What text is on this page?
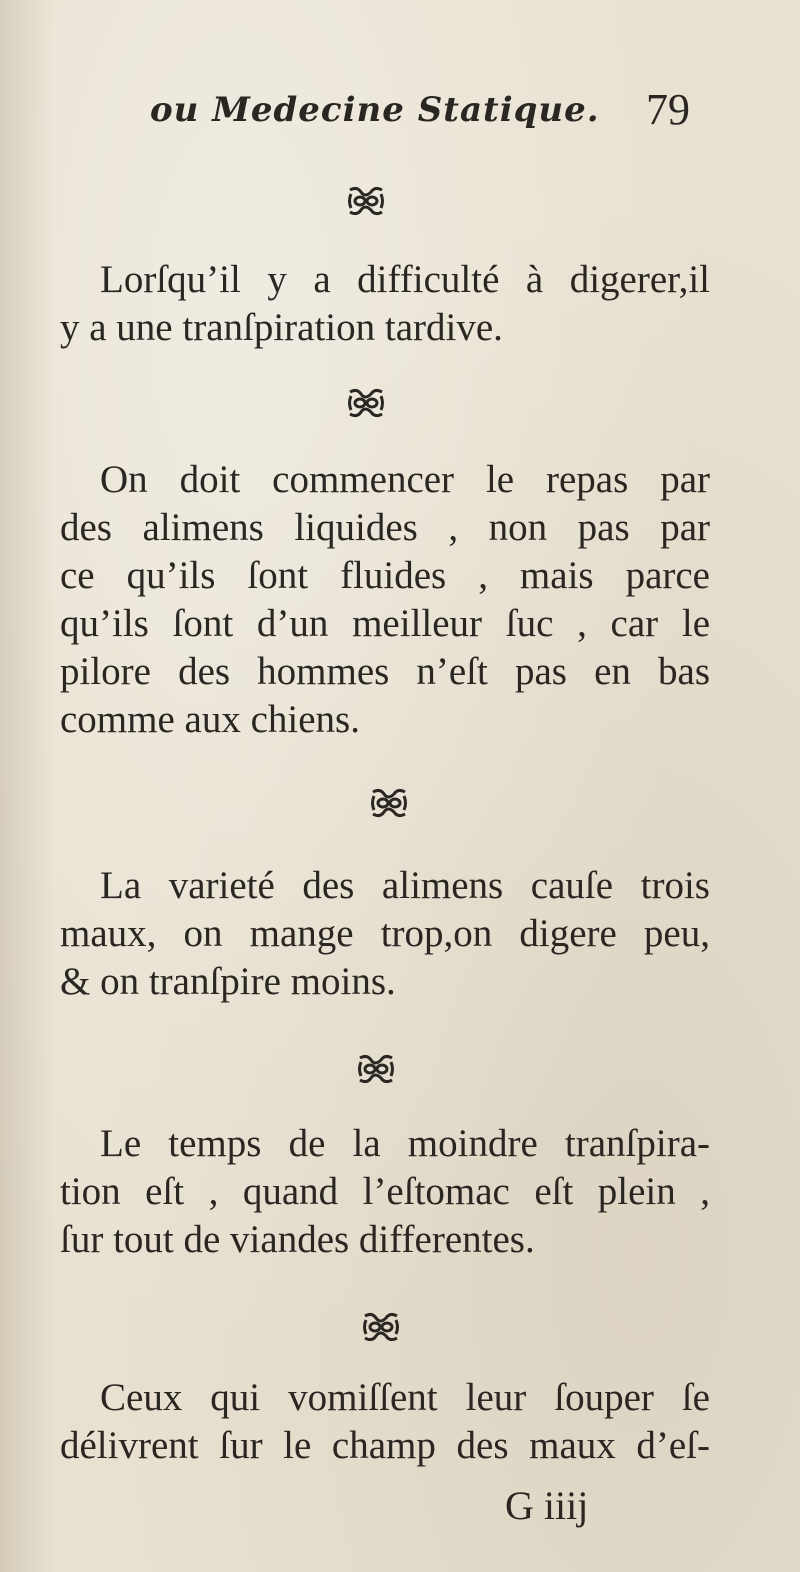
ou Medecine Statique. 79
Lorſqu’il y a difficulté à digerer,il
y a une tranſpiration tardive.
On doit commencer le repas par
des alimens liquides , non pas par
ce qu’ils ſont fluides , mais parce
qu’ils ſont d’un meilleur ſuc , car le
pilore des hommes n’eſt pas en bas
comme aux chiens.
La varieté des alimens cauſe trois
maux, on mange trop,on digere peu,
& on tranſpire moins.
Le temps de la moindre tranſpira-
tion eſt , quand l’eſtomac eſt plein ,
ſur tout de viandes differentes.
Ceux qui vomiſſent leur ſouper ſe
délivrent ſur le champ des maux d’eſ-
G iiij
